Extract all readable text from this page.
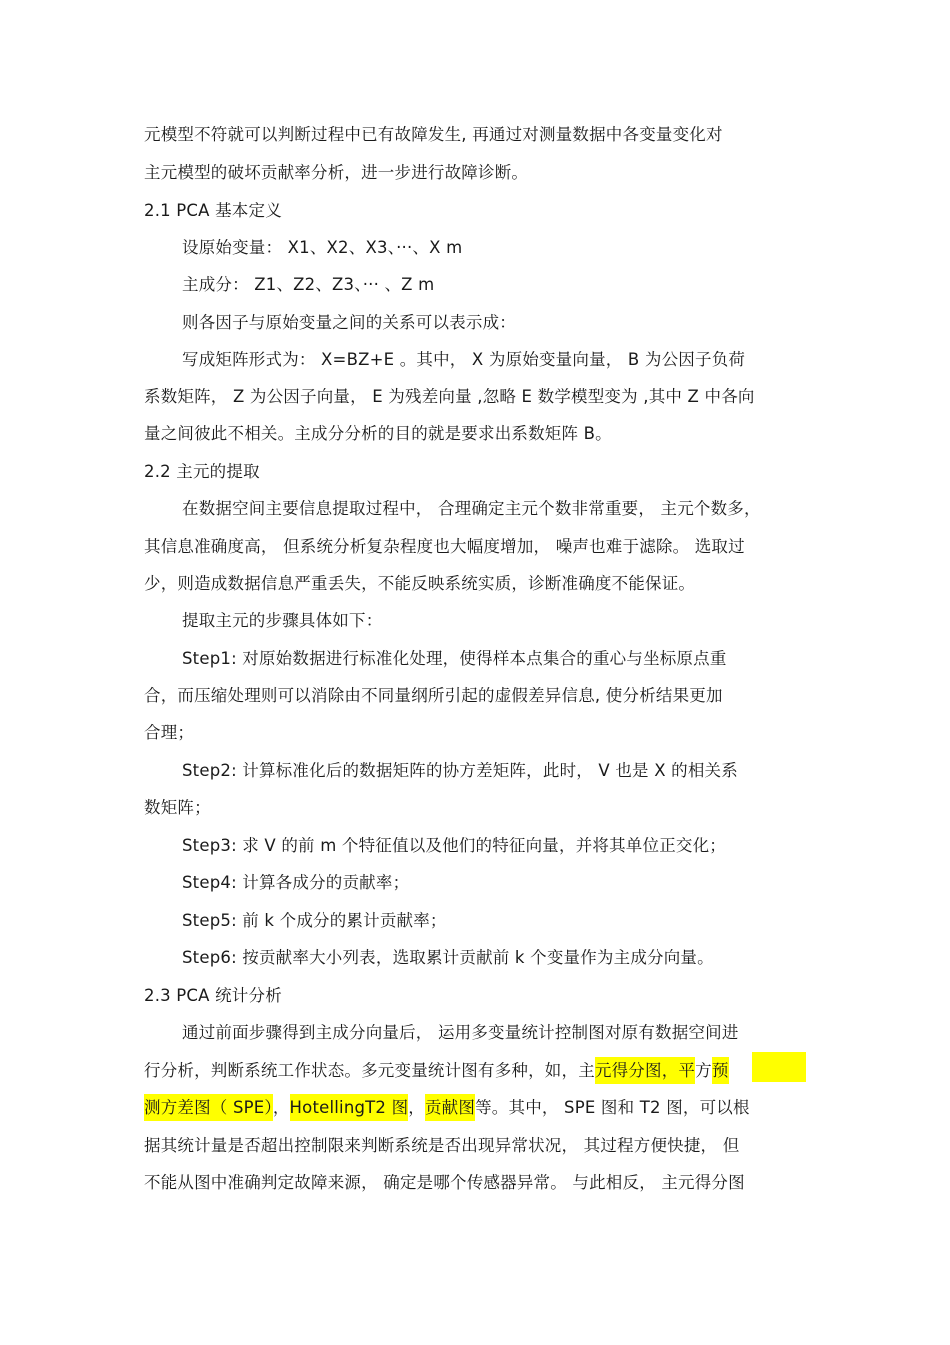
元模型不符就可以判断过程中已有故障发生, 再通过对测量数据中各变量变化对
主元模型的破坏贡献率分析，进一步进行故障诊断。
2.1 PCA 基本定义
设原始变量： X1、X2、X3、···、X m
主成分： Z1、Z2、Z3、··· 、Z m
则各因子与原始变量之间的关系可以表示成：
写成矩阵形式为： X=BZ+E 。其中， X 为原始变量向量， B 为公因子负荷
系数矩阵， Z 为公因子向量， E 为残差向量 ,忽略 E 数学模型变为 ,其中 Z 中各向
量之间彼此不相关。主成分分析的目的就是要求出系数矩阵 B。
2.2 主元的提取
在数据空间主要信息提取过程中， 合理确定主元个数非常重要， 主元个数多，
其信息准确度高， 但系统分析复杂程度也大幅度增加， 噪声也难于滤除。 选取过
少，则造成数据信息严重丢失，不能反映系统实质，诊断准确度不能保证。
提取主元的步骤具体如下：
Step1: 对原始数据进行标准化处理，使得样本点集合的重心与坐标原点重
合，而压缩处理则可以消除由不同量纲所引起的虚假差异信息, 使分析结果更加
合理；
Step2: 计算标准化后的数据矩阵的协方差矩阵，此时， V 也是 X 的相关系
数矩阵；
Step3: 求 V 的前 m 个特征值以及他们的特征向量，并将其单位正交化；
Step4: 计算各成分的贡献率；
Step5: 前 k 个成分的累计贡献率；
Step6: 按贡献率大小列表，选取累计贡献前 k 个变量作为主成分向量。
2.3 PCA 统计分析
通过前面步骤得到主成分向量后， 运用多变量统计控制图对原有数据空间进
行分析，判断系统工作状态。多元变量统计图有多种，如，主元得分图，平方预
测方差图（ SPE），HotellingT2 图，贡献图等。其中， SPE 图和 T2 图，可以根
据其统计量是否超出控制限来判断系统是否出现异常状况， 其过程方便快捷， 但
不能从图中准确判定故障来源， 确定是哪个传感器异常。 与此相反， 主元得分图
